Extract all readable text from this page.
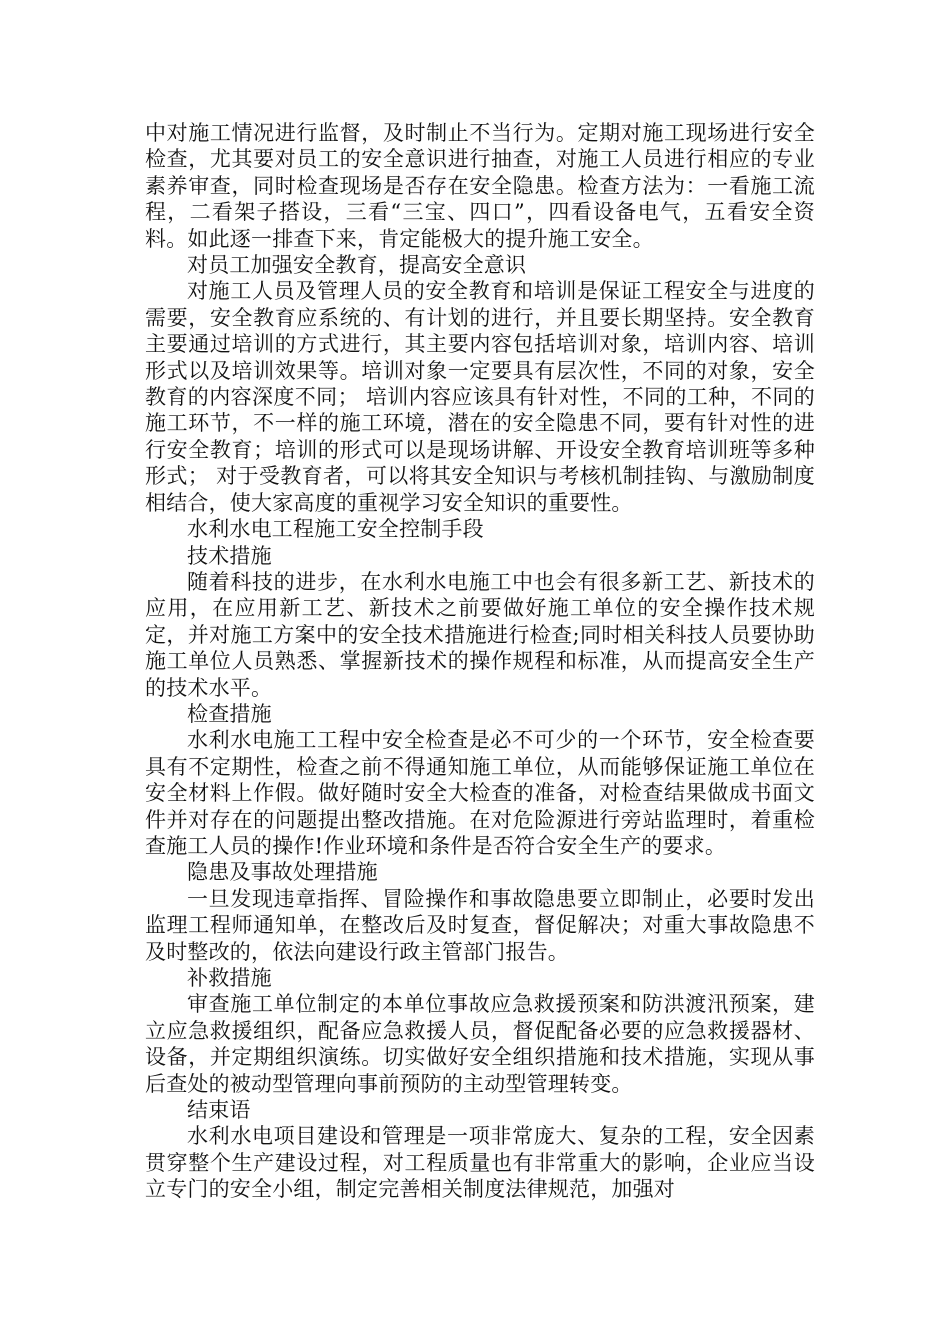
中对施工情况进行监督，及时制止不当行为。定期对施工现场进行安全检查，尤其要对员工的安全意识进行抽查，对施工人员进行相应的专业素养审查，同时检查现场是否存在安全隐患。检查方法为：一看施工流程，二看架子搭设，三看“三宝、四口”，四看设备电气，五看安全资料。如此逐一排查下来，肯定能极大的提升施工安全。

对员工加强安全教育，提高安全意识

对施工人员及管理人员的安全教育和培训是保证工程安全与进度的需要，安全教育应系统的、有计划的进行，并且要长期坚持。安全教育主要通过培训的方式进行，其主要内容包括培训对象，培训内容、培训形式以及培训效果等。培训对象一定要具有层次性，不同的对象，安全教育的内容深度不同； 培训内容应该具有针对性，不同的工种，不同的施工环节，不一样的施工环境，潜在的安全隐患不同，要有针对性的进行安全教育；培训的形式可以是现场讲解、开设安全教育培训班等多种形式； 对于受教育者，可以将其安全知识与考核机制挂钩、与激励制度相结合，使大家高度的重视学习安全知识的重要性。

水利水电工程施工安全控制手段

技术措施

随着科技的进步，在水利水电施工中也会有很多新工艺、新技术的应用，在应用新工艺、新技术之前要做好施工单位的安全操作技术规定，并对施工方案中的安全技术措施进行检查;同时相关科技人员要协助施工单位人员熟悉、掌握新技术的操作规程和标准，从而提高安全生产的技术水平。

检查措施

水利水电施工工程中安全检查是必不可少的一个环节，安全检查要具有不定期性，检查之前不得通知施工单位，从而能够保证施工单位在安全材料上作假。做好随时安全大检查的准备，对检查结果做成书面文件并对存在的问题提出整改措施。在对危险源进行旁站监理时，着重检查施工人员的操作!作业环境和条件是否符合安全生产的要求。

隐患及事故处理措施

一旦发现违章指挥、冒险操作和事故隐患要立即制止，必要时发出监理工程师通知单，在整改后及时复查，督促解决；对重大事故隐患不及时整改的，依法向建设行政主管部门报告。

补救措施

审查施工单位制定的本单位事故应急救援预案和防洪渡汛预案，建立应急救援组织，配备应急救援人员，督促配备必要的应急救援器材、设备，并定期组织演练。切实做好安全组织措施和技术措施，实现从事后查处的被动型管理向事前预防的主动型管理转变。

结束语

水利水电项目建设和管理是一项非常庞大、复杂的工程，安全因素贯穿整个生产建设过程，对工程质量也有非常重大的影响，企业应当设立专门的安全小组，制定完善相关制度法律规范，加强对
